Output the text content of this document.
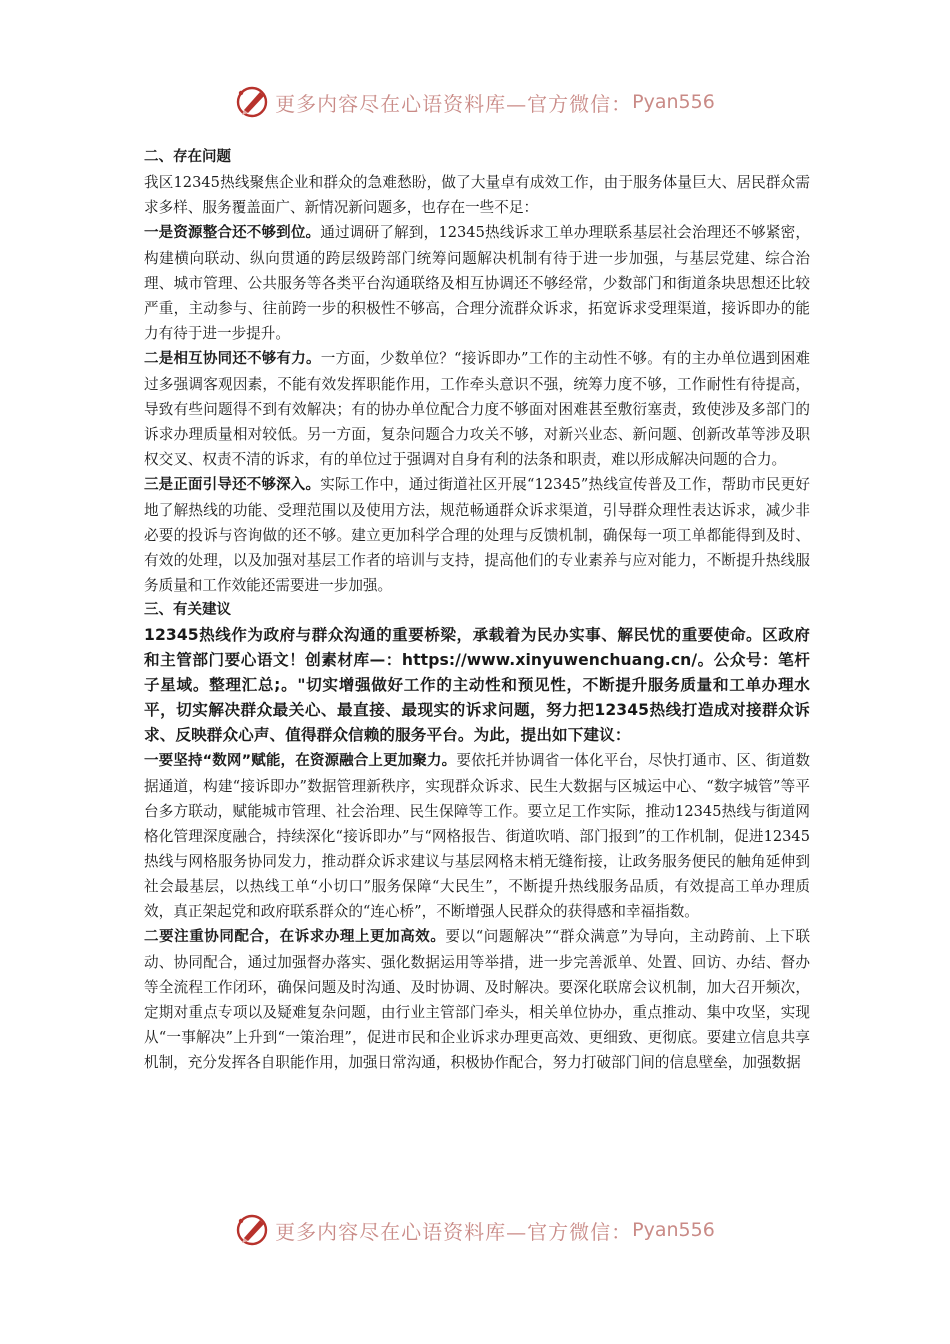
更多内容尽在心语资料库—官方微信： Pyan556

二、存在问题

我区12345热线聚焦企业和群众的急难愁盼，做了大量卓有成效工作，由于服务体量巨大、居民群众需求多样、服务覆盖面广、新情况新问题多，也存在一些不足：

一是资源整合还不够到位。通过调研了解到，12345热线诉求工单办理联系基层社会治理还不够紧密，构建横向联动、纵向贯通的跨层级跨部门统筹问题解决机制有待于进一步加强，与基层党建、综合治理、城市管理、公共服务等各类平台沟通联络及相互协调还不够经常，少数部门和街道条块思想还比较严重，主动参与、往前跨一步的积极性不够高，合理分流群众诉求，拓宽诉求受理渠道，接诉即办的能力有待于进一步提升。

二是相互协同还不够有力。一方面，少数单位？“接诉即办”工作的主动性不够。有的主办单位遇到困难过多强调客观因素，不能有效发挥职能作用，工作牵头意识不强，统筹力度不够，工作耐性有待提高，导致有些问题得不到有效解决；有的协办单位配合力度不够面对困难甚至敷衍塞责，致使涉及多部门的诉求办理质量相对较低。另一方面，复杂问题合力攻关不够，对新兴业态、新问题、创新改革等涉及职权交叉、权责不清的诉求，有的单位过于强调对自身有利的法条和职责，难以形成解决问题的合力。

三是正面引导还不够深入。实际工作中，通过街道社区开展“12345”热线宣传普及工作，帮助市民更好地了解热线的功能、受理范围以及使用方法，规范畅通群众诉求渠道，引导群众理性表达诉求，减少非必要的投诉与咨询做的还不够。建立更加科学合理的处理与反馈机制，确保每一项工单都能得到及时、有效的处理，以及加强对基层工作者的培训与支持，提高他们的专业素养与应对能力，不断提升热线服务质量和工作效能还需要进一步加强。

三、有关建议

12345热线作为政府与群众沟通的重要桥梁，承载着为民办实事、解民忧的重要使命。区政府和主管部门要心语文！创素材库—：https://www.xinyuwenchuang.cn/。公众号：笔杆子星域。整理汇总;。"切实增强做好工作的主动性和预见性，不断提升服务质量和工单办理水平，切实解决群众最关心、最直接、最现实的诉求问题，努力把12345热线打造成对接群众诉求、反映群众心声、值得群众信赖的服务平台。为此，提出如下建议：

一要坚持“数网”赋能，在资源融合上更加聚力。要依托并协调省一体化平台，尽快打通市、区、街道数据通道，构建“接诉即办”数据管理新秩序，实现群众诉求、民生大数据与区城运中心、“数字城管”等平台多方联动，赋能城市管理、社会治理、民生保障等工作。要立足工作实际，推动12345热线与街道网格化管理深度融合，持续深化“接诉即办”与“网格报告、街道吹哨、部门报到”的工作机制，促进12345热线与网格服务协同发力，推动群众诉求建议与基层网格末梢无缝衔接，让政务服务便民的触角延伸到社会最基层，以热线工单“小切口”服务保障“大民生”，不断提升热线服务品质，有效提高工单办理质效，真正架起党和政府联系群众的“连心桥”，不断增强人民群众的获得感和幸福指数。

二要注重协同配合，在诉求办理上更加高效。要以“问题解决”“群众满意”为导向，主动跨前、上下联动、协同配合，通过加强督办落实、强化数据运用等举措，进一步完善派单、处置、回访、办结、督办等全流程工作闭环，确保问题及时沟通、及时协调、及时解决。要深化联席会议机制，加大召开频次，定期对重点专项以及疑难复杂问题，由行业主管部门牵头，相关单位协办，重点推动、集中攻坚，实现从“一事解决”上升到“一策治理”，促进市民和企业诉求办理更高效、更细致、更彻底。要建立信息共享机制，充分发挥各自职能作用，加强日常沟通，积极协作配合，努力打破部门间的信息壁垒，加强数据

更多内容尽在心语资料库—官方微信： Pyan556
